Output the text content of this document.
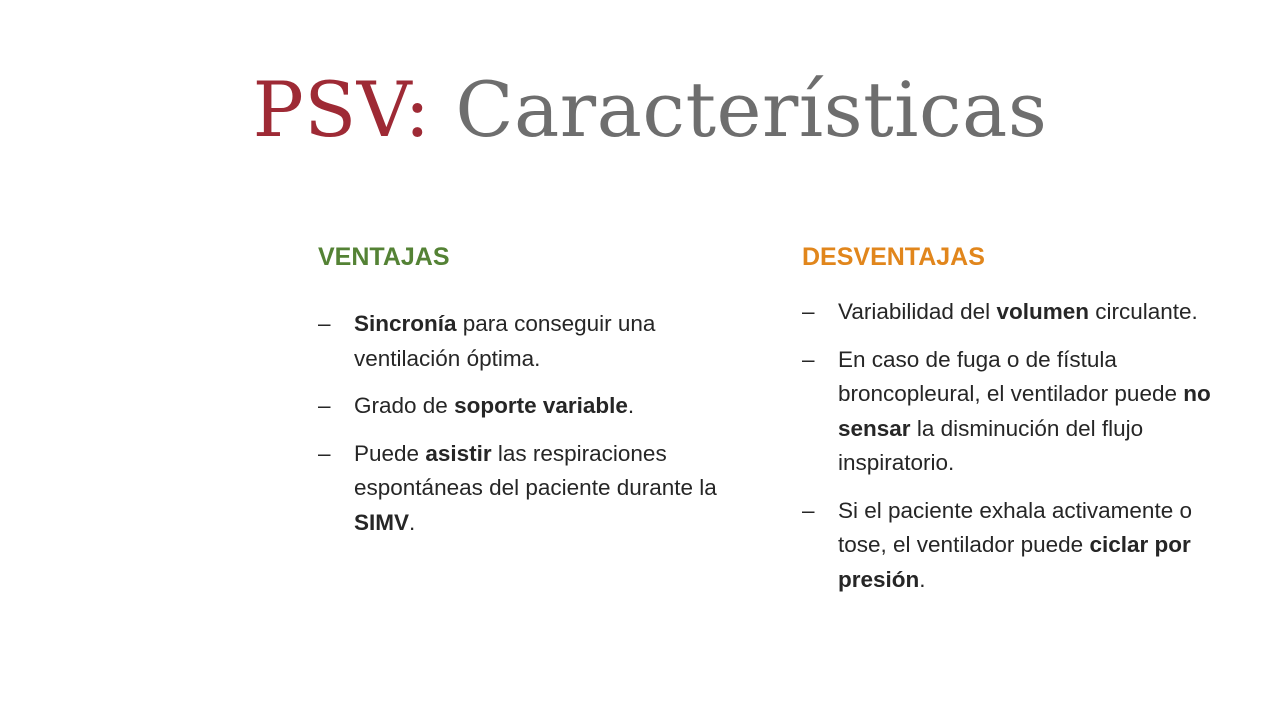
PSV: Características
VENTAJAS
– Sincronía para conseguir una ventilación óptima.
– Grado de soporte variable.
– Puede asistir las respiraciones espontáneas del paciente durante la SIMV.
DESVENTAJAS
– Variabilidad del volumen circulante.
– En caso de fuga o de fístula broncopleural, el ventilador puede no sensar la disminución del flujo inspiratorio.
– Si el paciente exhala activamente o tose, el ventilador puede ciclar por presión.
